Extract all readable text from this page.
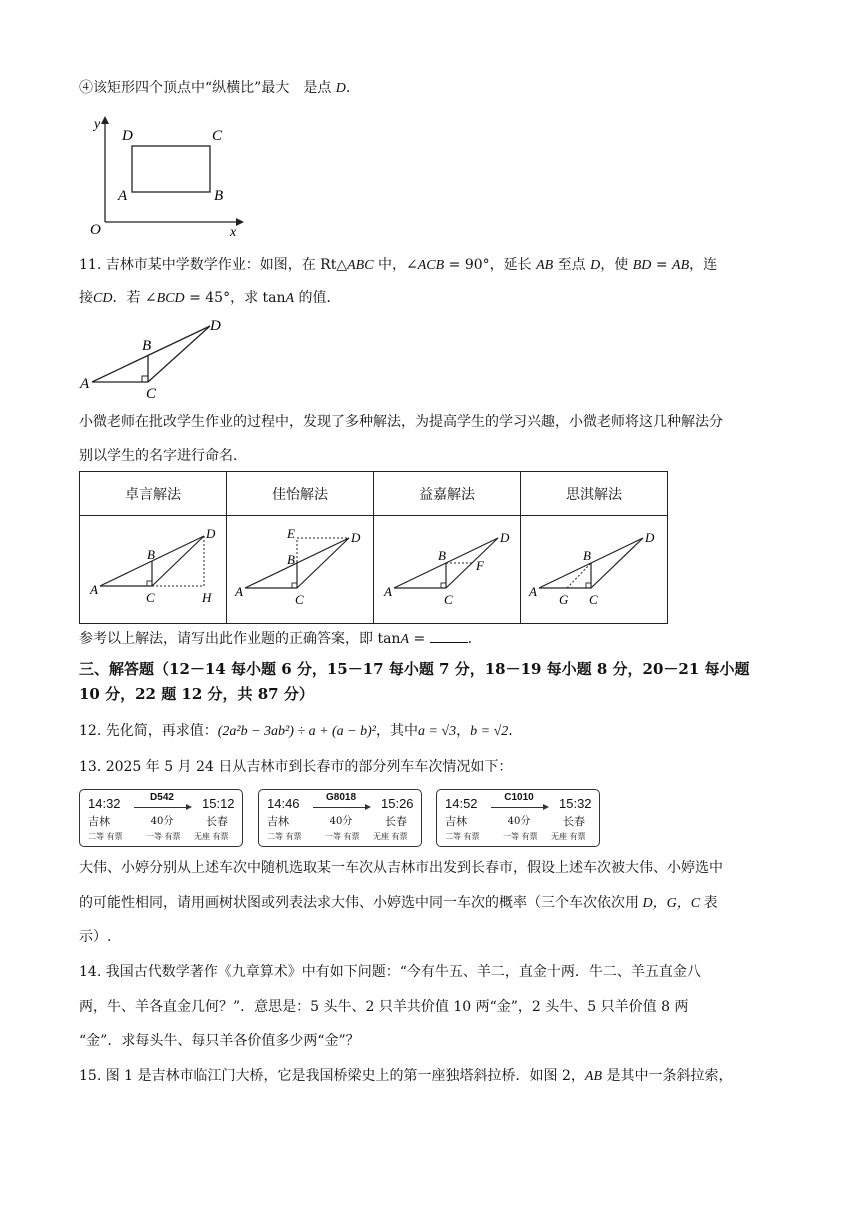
④该矩形四个顶点中“纵横比”最大　是点 D.
y
x
O
A	B
C
D
11. 吉林市某中学数学作业：如图，在 Rt△ABC 中，∠ACB = 90°，延长 AB 至点 D，使 BD = AB，连
接CD．若 ∠BCD = 45°，求 tanA 的值．
A
B
C
D
小微老师在批改学生作业的过程中，发现了多种解法，为提高学生的学习兴趣，小微老师将这几种解法分
别以学生的名字进行命名．
卓言解法	佳怡解法	益嘉解法	思淇解法

A
B
C
D
H	A
B
C
D
E	A
B
C
D
F	A
B
C
D
G
参考以上解法，请写出此作业题的正确答案，即 tanA =	.
三、解答题（12－14 每小题 6 分，15－17 每小题 7 分，18－19 每小题 8 分，20－21 每小题
10 分，22 题 12 分，共 87 分）
12. 先化简，再求值：(2a²b − 3ab²) ÷ a + (a − b)²，其中a = √3，b = √2.
13. 2025 年 5 月 24 日从吉林市到长春市的部分列车车次情况如下：
14:32	D542	15:12
吉林	40分	长春
二等 有票	一等 有票 无座 有票
14:46	G8018	15:26
吉林	40分	长春
二等 有票	一等 有票 无座 有票
14:52	C1010	15:32
吉林	40分	长春
二等 有票	一等 有票 无座 有票
大伟、小婷分别从上述车次中随机选取某一车次从吉林市出发到长春市，假设上述车次被大伟、小婷选中
的可能性相同，请用画树状图或列表法求大伟、小婷选中同一车次的概率（三个车次依次用 D，G，C 表
示）.
14. 我国古代数学著作《九章算术》中有如下问题：“今有牛五、羊二，直金十两．牛二、羊五直金八
两，牛、羊各直金几何？”．意思是：5 头牛、2 只羊共价值 10 两“金”，2 头牛、5 只羊价值 8 两
“金”．求每头牛、每只羊各价值多少两“金”？
15. 图 1 是吉林市临江门大桥，它是我国桥梁史上的第一座独塔斜拉桥．如图 2，AB 是其中一条斜拉索，
